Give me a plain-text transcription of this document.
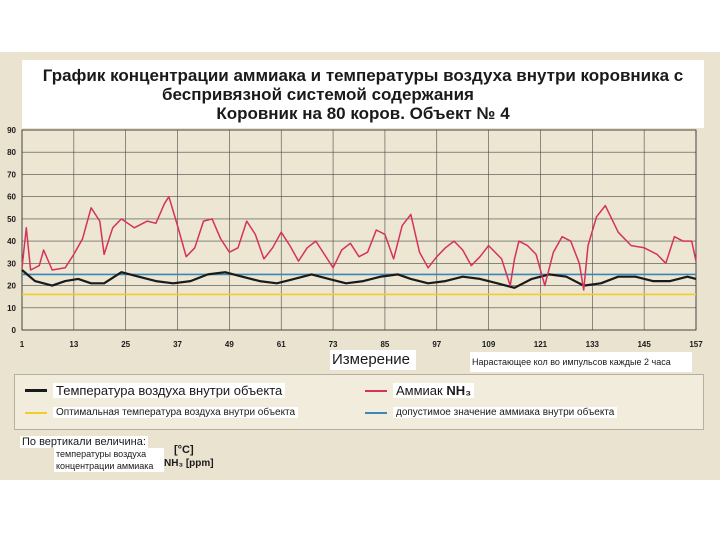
График концентрации аммиака и температуры воздуха внутри коровника с
беспривязной системой содержания
Коровник на 80 коров. Объект № 4
0
10
20
30
40
50
60
70
80
90
1	13	25	37	49	61	73	85	97	109	121	133	145	157
Измерение	Нарастающее кол во импульсов каждые 2 часа
Температура воздуха внутри объекта
Оптимальная температура воздуха внутри объекта
Аммиак NH₃
допустимое значение аммиака внутри объекта
По вертикали величина:
температуры воздуха
концентрации аммиака
[°C]
NH₃ [ppm]
